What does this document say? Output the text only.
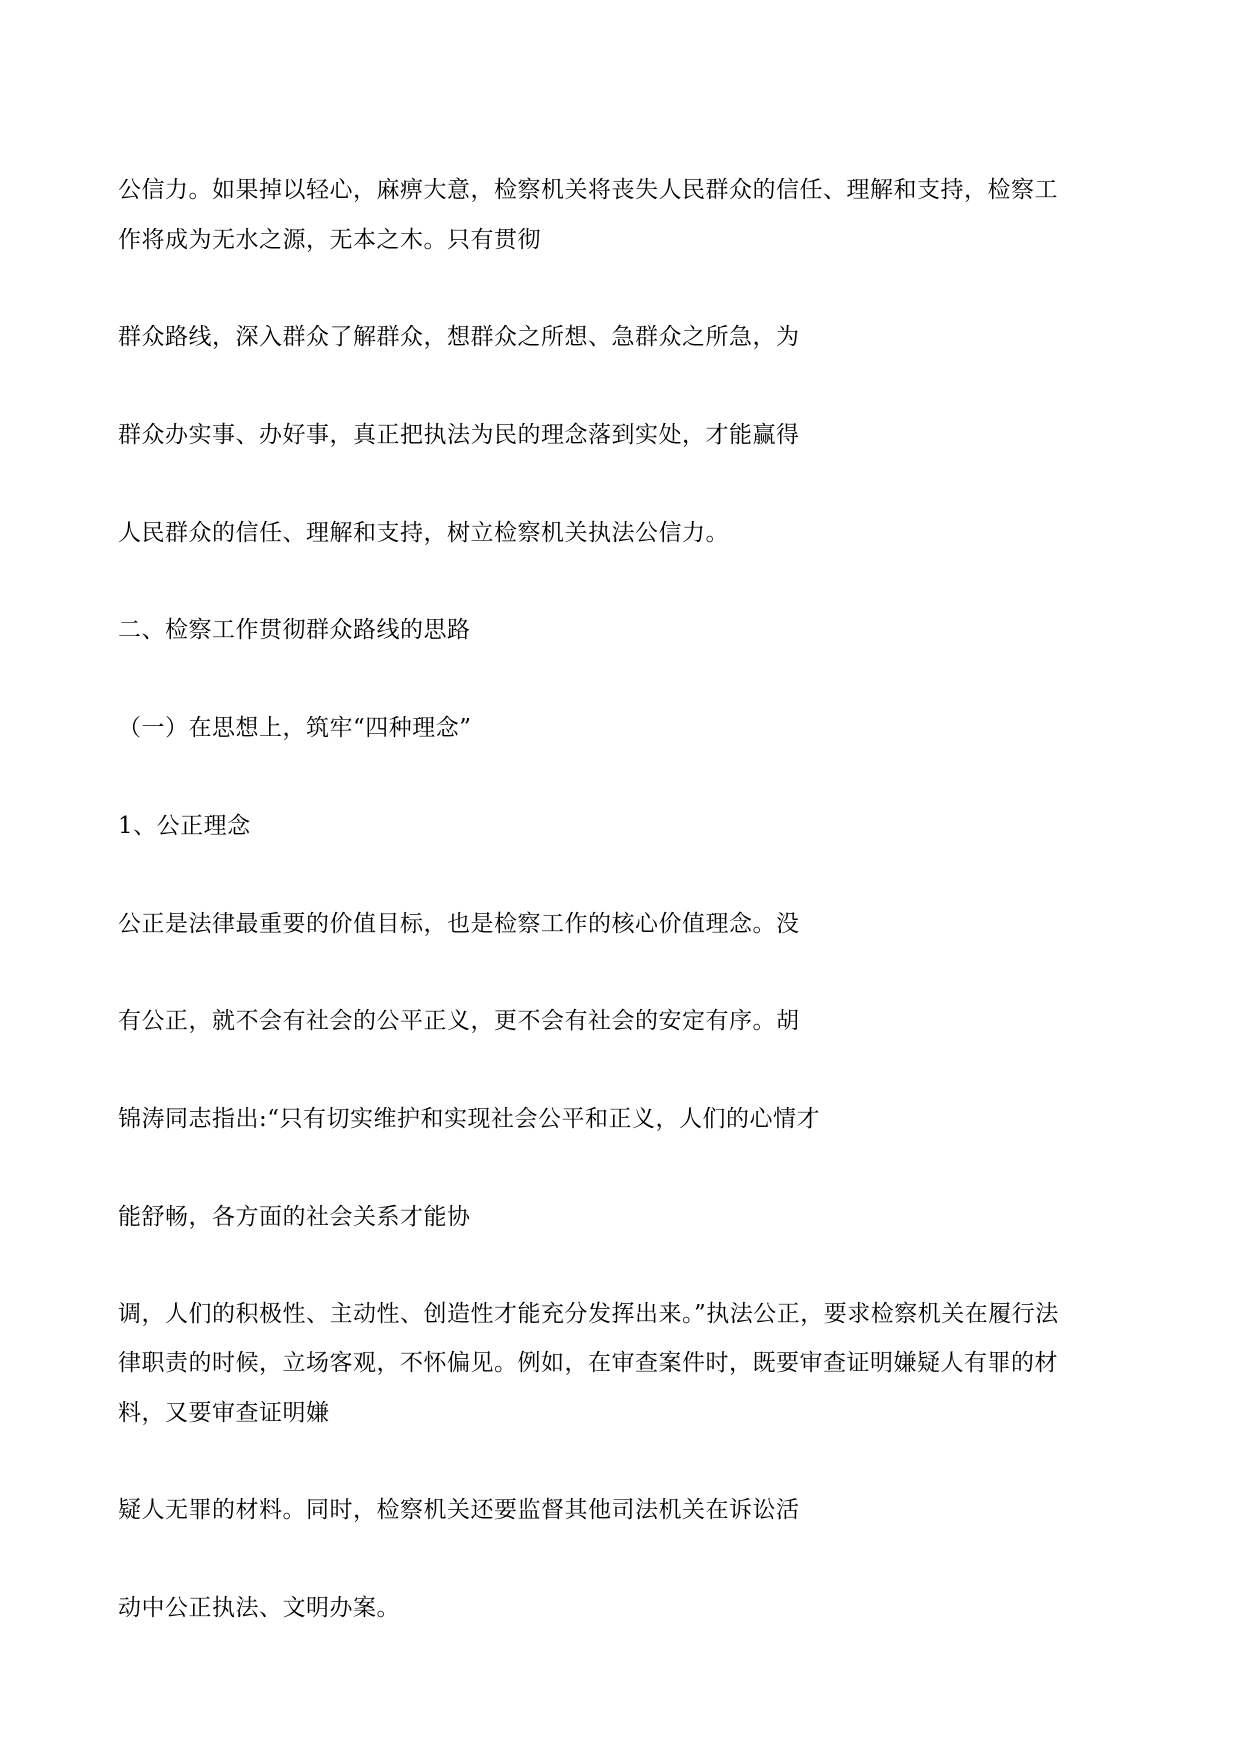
公信力。如果掉以轻心，麻痹大意，检察机关将丧失人民群众的信任、理解和支持，检察工

作将成为无水之源，无本之木。只有贯彻

群众路线，深入群众了解群众，想群众之所想、急群众之所急，为

群众办实事、办好事，真正把执法为民的理念落到实处，才能赢得

人民群众的信任、理解和支持，树立检察机关执法公信力。

二、检察工作贯彻群众路线的思路

（一）在思想上，筑牢“四种理念”

1、公正理念

公正是法律最重要的价值目标，也是检察工作的核心价值理念。没

有公正，就不会有社会的公平正义，更不会有社会的安定有序。胡

锦涛同志指出:“只有切实维护和实现社会公平和正义，人们的心情才

能舒畅，各方面的社会关系才能协

调，人们的积极性、主动性、创造性才能充分发挥出来。”执法公正，要求检察机关在履行法

律职责的时候，立场客观，不怀偏见。例如，在审查案件时，既要审查证明嫌疑人有罪的材

料，又要审查证明嫌

疑人无罪的材料。同时，检察机关还要监督其他司法机关在诉讼活

动中公正执法、文明办案。
